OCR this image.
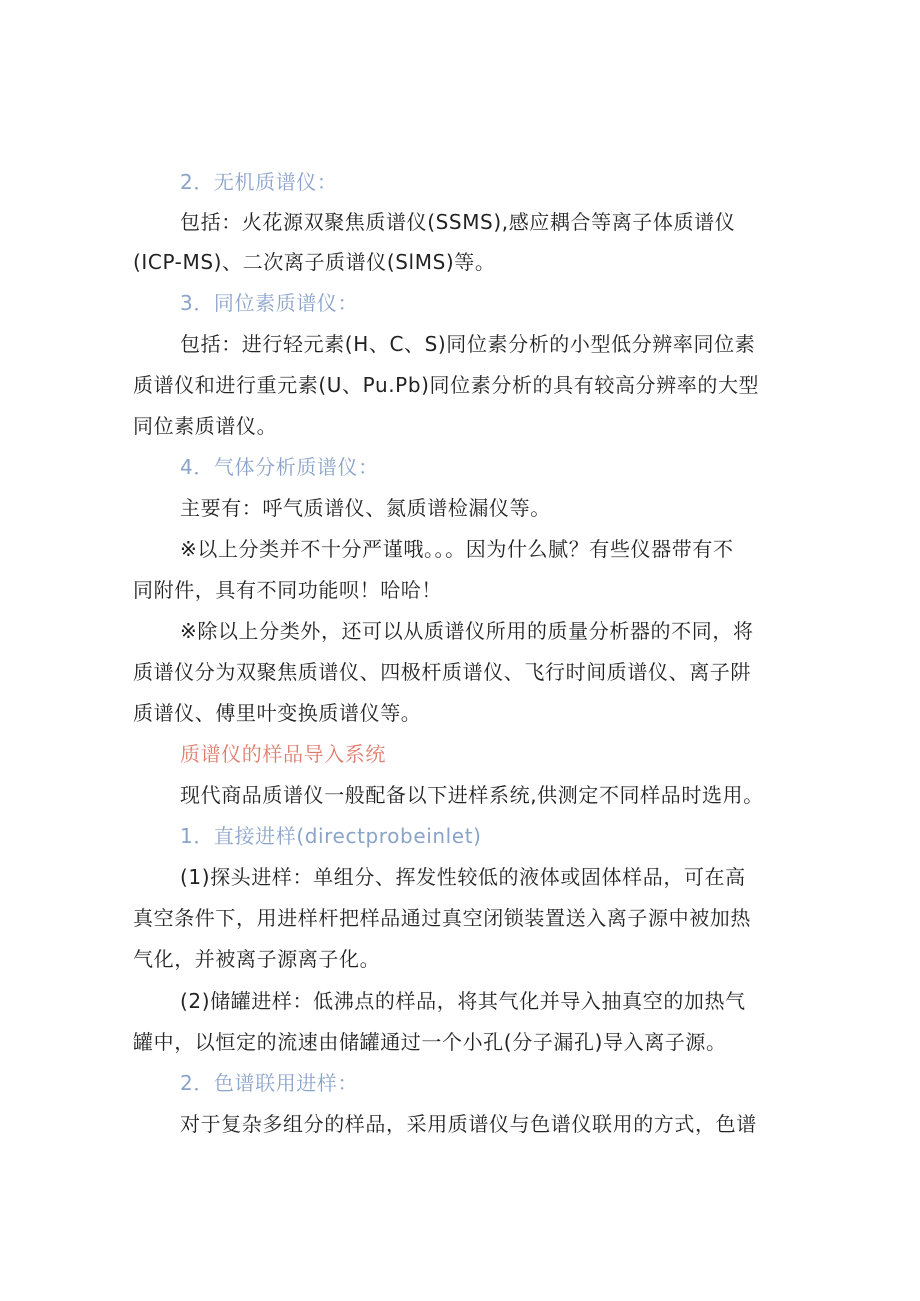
2．无机质谱仪：
包括：火花源双聚焦质谱仪(SSMS),感应耦合等离子体质谱仪
(ICP-MS)、二次离子质谱仪(SlMS)等。
3．同位素质谱仪：
包括：进行轻元素(H、C、S)同位素分析的小型低分辨率同位素
质谱仪和进行重元素(U、Pu.Pb)同位素分析的具有较高分辨率的大型
同位素质谱仪。
4．气体分析质谱仪：
主要有：呼气质谱仪、氮质谱检漏仪等。
※以上分类并不十分严谨哦。。。因为什么腻？有些仪器带有不
同附件，具有不同功能呗！哈哈！
※除以上分类外，还可以从质谱仪所用的质量分析器的不同，将
质谱仪分为双聚焦质谱仪、四极杆质谱仪、飞行时间质谱仪、离子阱
质谱仪、傅里叶变换质谱仪等。
质谱仪的样品导入系统
现代商品质谱仪一般配备以下进样系统,供测定不同样品时选用。
1．直接进样(directprobeinlet)
(1)探头进样：单组分、挥发性较低的液体或固体样品，可在高
真空条件下，用进样杆把样品通过真空闭锁装置送入离子源中被加热
气化，并被离子源离子化。
(2)储罐进样：低沸点的样品，将其气化并导入抽真空的加热气
罐中，以恒定的流速由储罐通过一个小孔(分子漏孔)导入离子源。
2．色谱联用进样：
对于复杂多组分的样品，采用质谱仪与色谱仪联用的方式，色谱
